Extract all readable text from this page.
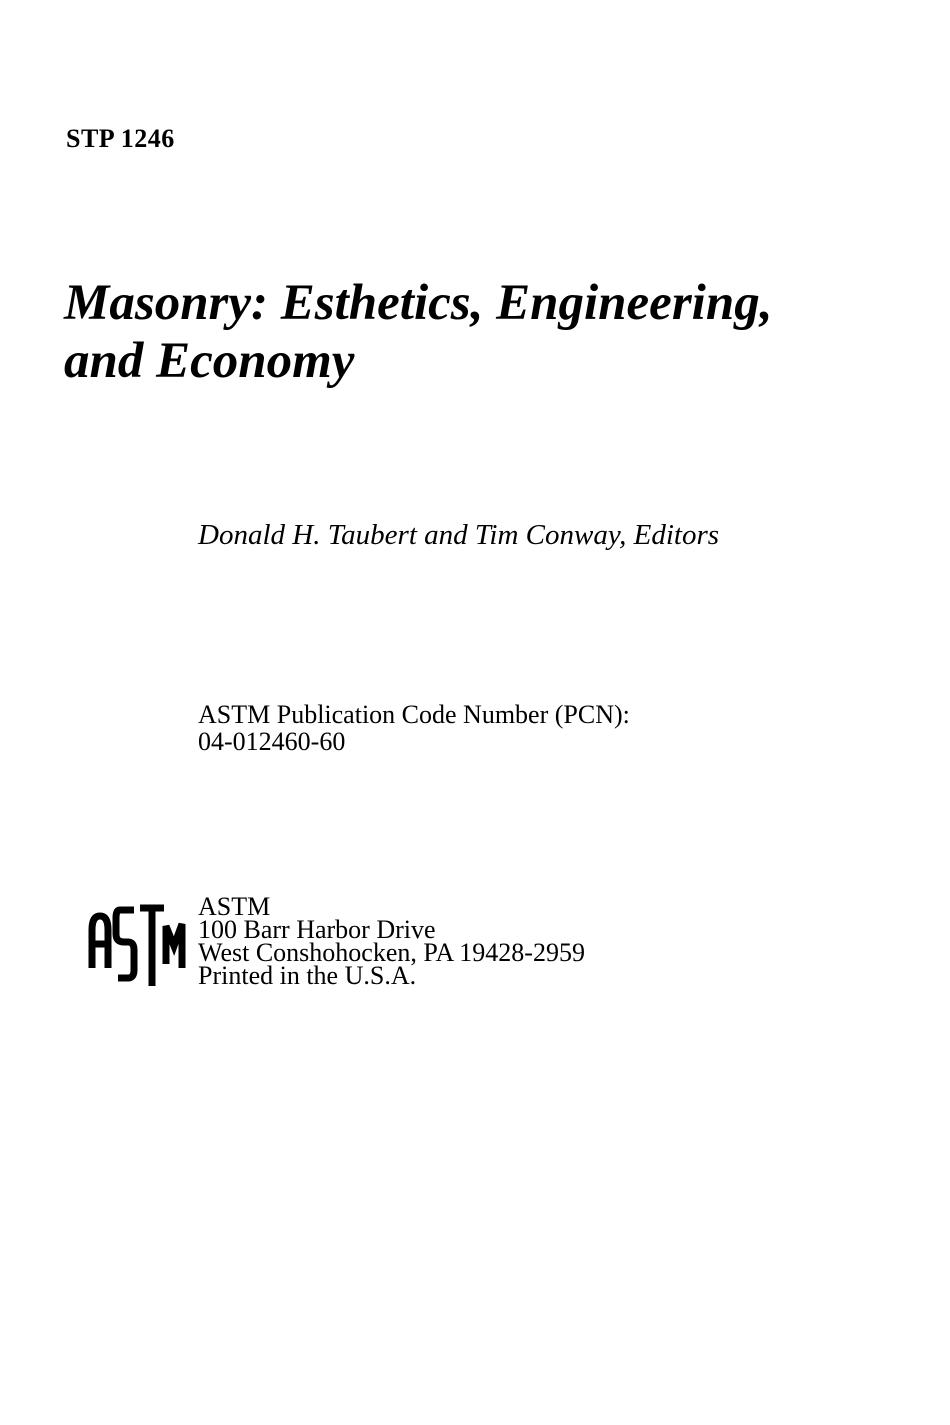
STP 1246
Masonry: Esthetics, Engineering,
and Economy
Donald H. Taubert and Tim Conway, Editors
ASTM Publication Code Number (PCN):
04-012460-60
ASTM
100 Barr Harbor Drive
West Conshohocken, PA 19428-2959
Printed in the U.S.A.
